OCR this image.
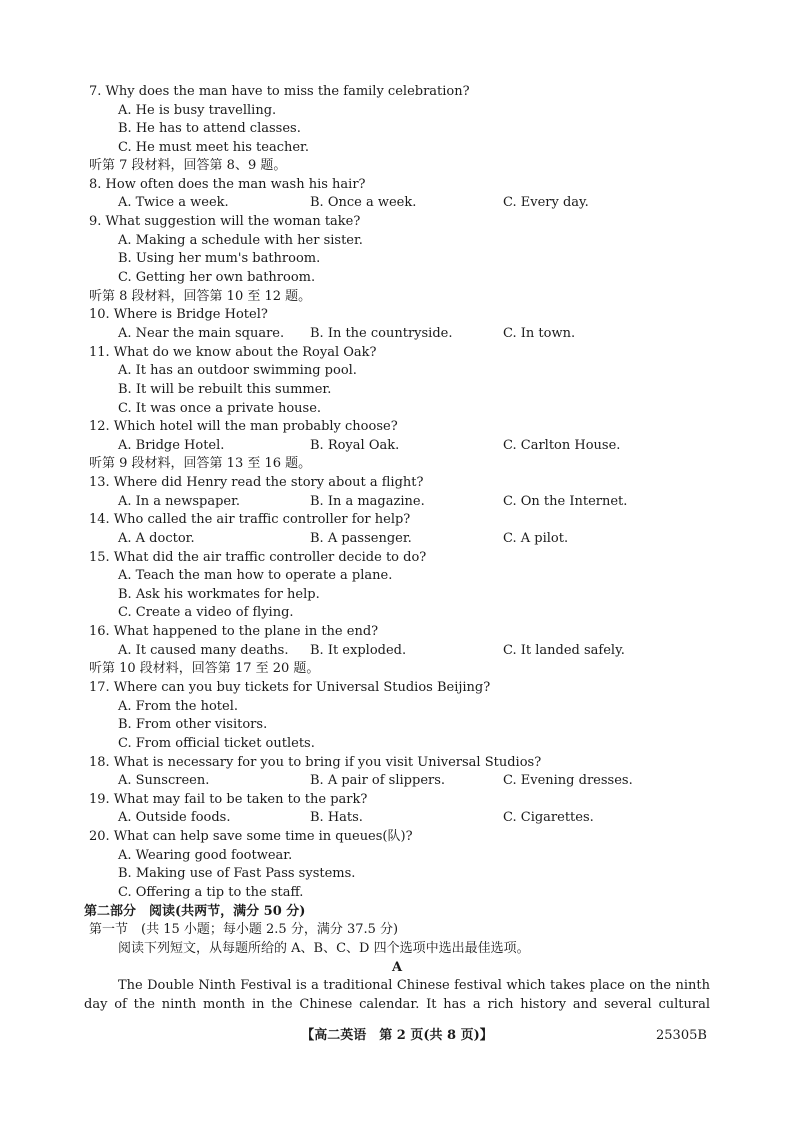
7. Why does the man have to miss the family celebration?
A. He is busy travelling.
B. He has to attend classes.
C. He must meet his teacher.
听第 7 段材料，回答第 8、9 题。
8. How often does the man wash his hair?
A. Twice a week.	B. Once a week.	C. Every day.
9. What suggestion will the woman take?
A. Making a schedule with her sister.
B. Using her mum's bathroom.
C. Getting her own bathroom.
听第 8 段材料，回答第 10 至 12 题。
10. Where is Bridge Hotel?
A. Near the main square. B. In the countryside.	C. In town.
11. What do we know about the Royal Oak?
A. It has an outdoor swimming pool.
B. It will be rebuilt this summer.
C. It was once a private house.
12. Which hotel will the man probably choose?
A. Bridge Hotel.	B. Royal Oak.	C. Carlton House.
听第 9 段材料，回答第 13 至 16 题。
13. Where did Henry read the story about a flight?
A. In a newspaper.	B. In a magazine.	C. On the Internet.
14. Who called the air traffic controller for help?
A. A doctor.	B. A passenger.	C. A pilot.
15. What did the air traffic controller decide to do?
A. Teach the man how to operate a plane.
B. Ask his workmates for help.
C. Create a video of flying.
16. What happened to the plane in the end?
A. It caused many deaths. B. It exploded.	C. It landed safely.
听第 10 段材料，回答第 17 至 20 题。
17. Where can you buy tickets for Universal Studios Beijing?
A. From the hotel.
B. From other visitors.
C. From official ticket outlets.
18. What is necessary for you to bring if you visit Universal Studios?
A. Sunscreen.	B. A pair of slippers.	C. Evening dresses.
19. What may fail to be taken to the park?
A. Outside foods.	B. Hats.	C. Cigarettes.
20. What can help save some time in queues(队)?
A. Wearing good footwear.
B. Making use of Fast Pass systems.
C. Offering a tip to the staff.
第二部分　阅读(共两节，满分 50 分)
第一节　(共 15 小题；每小题 2.5 分，满分 37.5 分)
阅读下列短文，从每题所给的 A、B、C、D 四个选项中选出最佳选项。
A
The Double Ninth Festival is a traditional Chinese festival which takes place on the ninth
day of the ninth month in the Chinese calendar. It has a rich history and several cultural
【高二英语　第 2 页(共 8 页)】	25305B
